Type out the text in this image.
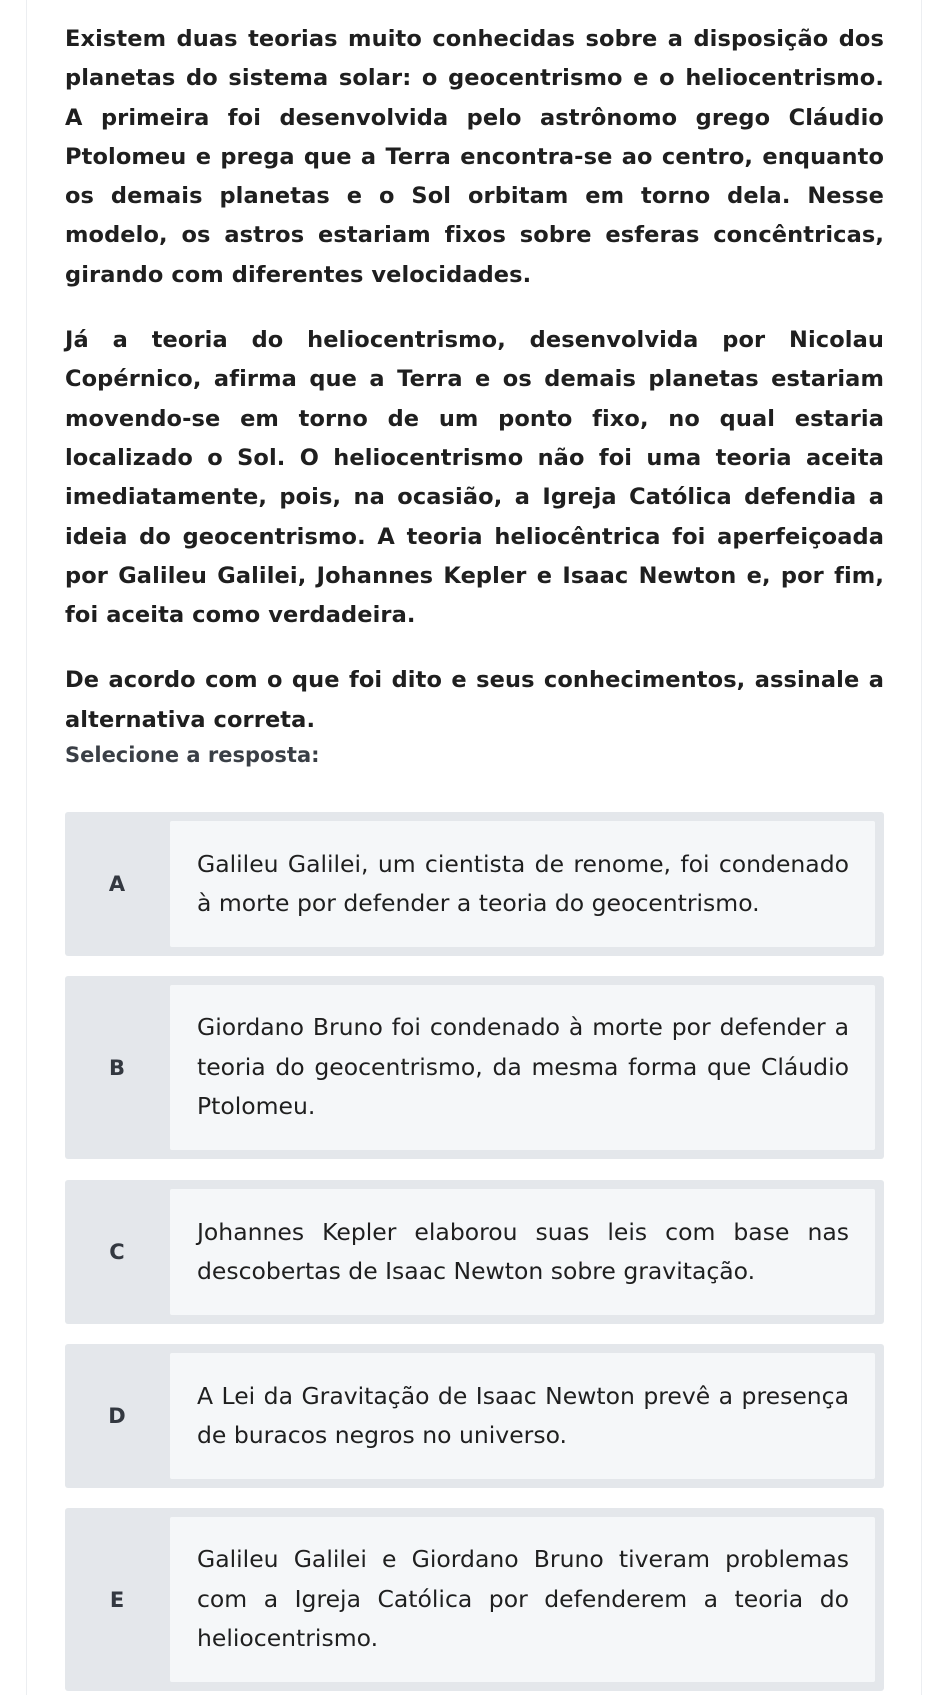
Existem duas teorias muito conhecidas sobre a disposição dos planetas do sistema solar: o geocentrismo e o heliocentrismo. A primeira foi desenvolvida pelo astrônomo grego Cláudio Ptolomeu e prega que a Terra encontra-se ao centro, enquanto os demais planetas e o Sol orbitam em torno dela. Nesse modelo, os astros estariam fixos sobre esferas concêntricas, girando com diferentes velocidades.

Já a teoria do heliocentrismo, desenvolvida por Nicolau Copérnico, afirma que a Terra e os demais planetas estariam movendo-se em torno de um ponto fixo, no qual estaria localizado o Sol. O heliocentrismo não foi uma teoria aceita imediatamente, pois, na ocasião, a Igreja Católica defendia a ideia do geocentrismo. A teoria heliocêntrica foi aperfeiçoada por Galileu Galilei, Johannes Kepler e Isaac Newton e, por fim, foi aceita como verdadeira.

De acordo com o que foi dito e seus conhecimentos, assinale a alternativa correta.

Selecione a resposta:
A
Galileu Galilei, um cientista de renome, foi condenado à morte por defender a teoria do geocentrismo.
B
Giordano Bruno foi condenado à morte por defender a teoria do geocentrismo, da mesma forma que Cláudio Ptolomeu.
C
Johannes Kepler elaborou suas leis com base nas descobertas de Isaac Newton sobre gravitação.
D
A Lei da Gravitação de Isaac Newton prevê a presença de buracos negros no universo.
E
Galileu Galilei e Giordano Bruno tiveram problemas com a Igreja Católica por defenderem a teoria do heliocentrismo.
